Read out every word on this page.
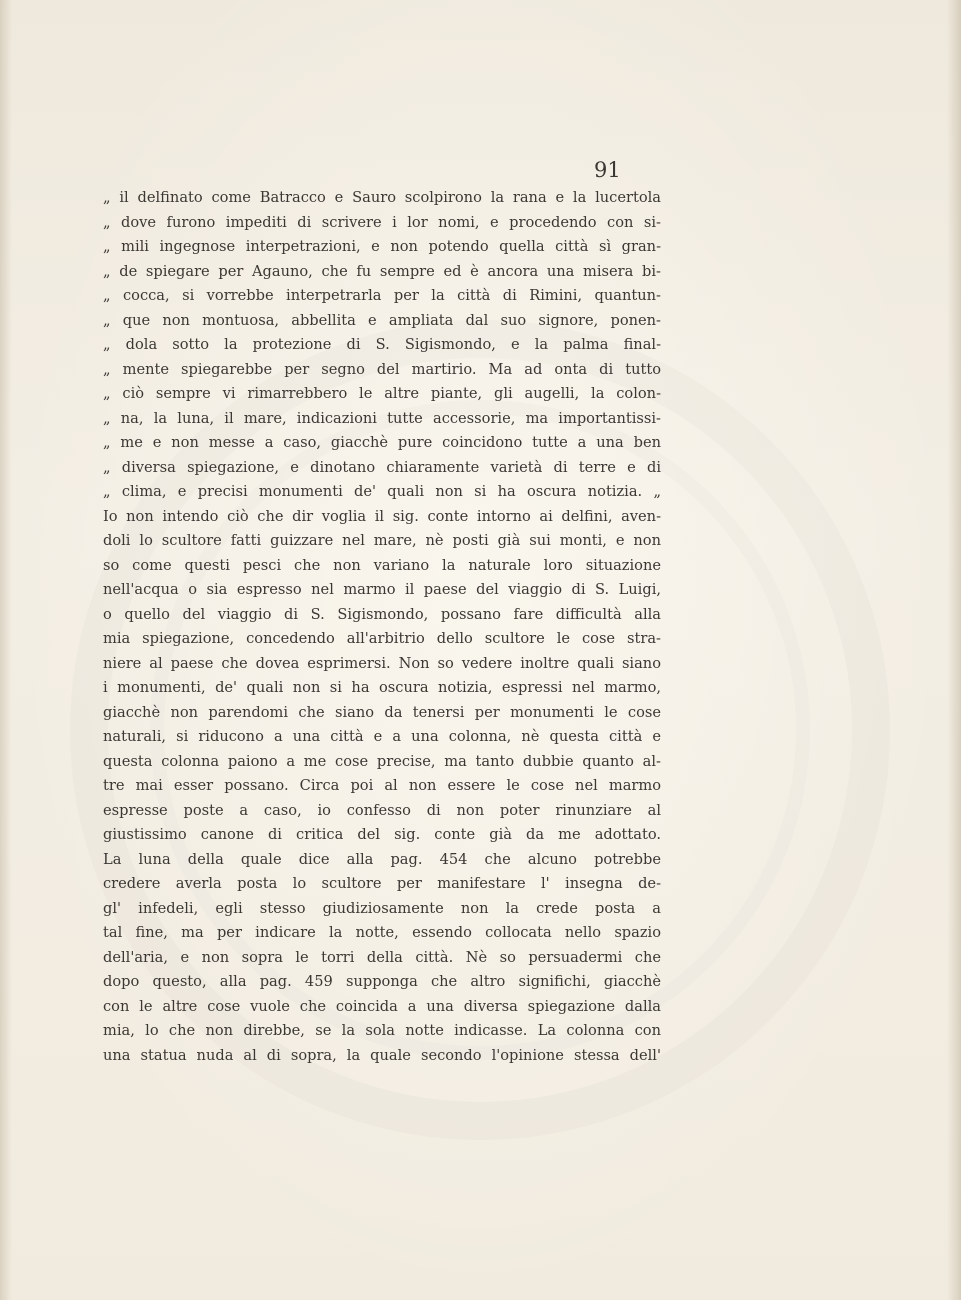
91

„ il delfinato come Batracco e Sauro scolpirono la rana e la lucertola
„ dove furono impediti di scrivere i lor nomi, e procedendo con si-
„ mili ingegnose interpetrazioni, e non potendo quella città sì gran-
„ de spiegare per Agauno, che fu sempre ed è ancora una misera bi-
„ cocca, si vorrebbe interpetrarla per la città di Rimini, quantun-
„ que non montuosa, abbellita e ampliata dal suo signore, ponen-
„ dola sotto la protezione di S. Sigismondo, e la palma final-
„ mente spiegarebbe per segno del martirio. Ma ad onta di tutto
„ ciò sempre vi rimarrebbero le altre piante, gli augelli, la colon-
„ na, la luna, il mare, indicazioni tutte accessorie, ma importantissi-
„ me e non messe a caso, giacchè pure coincidono tutte a una ben
„ diversa spiegazione, e dinotano chiaramente varietà di terre e di
„ clima, e precisi monumenti de' quali non si ha oscura notizia. „
Io non intendo ciò che dir voglia il sig. conte intorno ai delfini, aven-
doli lo scultore fatti guizzare nel mare, nè posti già sui monti, e non
so come questi pesci che non variano la naturale loro situazione
nell'acqua o sia espresso nel marmo il paese del viaggio di S. Luigi,
o quello del viaggio di S. Sigismondo, possano fare difficultà alla
mia spiegazione, concedendo all'arbitrio dello scultore le cose stra-
niere al paese che dovea esprimersi. Non so vedere inoltre quali siano
i monumenti, de' quali non si ha oscura notizia, espressi nel marmo,
giacchè non parendomi che siano da tenersi per monumenti le cose
naturali, si riducono a una città e a una colonna, nè questa città e
questa colonna paiono a me cose precise, ma tanto dubbie quanto al-
tre mai esser possano. Circa poi al non essere le cose nel marmo
espresse poste a caso, io confesso di non poter rinunziare al
giustissimo canone di critica del sig. conte già da me adottato.
La luna della quale dice alla pag. 454 che alcuno potrebbe
credere averla posta lo scultore per manifestare l' insegna de-
gl' infedeli, egli stesso giudiziosamente non la crede posta a
tal fine, ma per indicare la notte, essendo collocata nello spazio
dell'aria, e non sopra le torri della città. Nè so persuadermi che
dopo questo, alla pag. 459 supponga che altro significhi, giacchè
con le altre cose vuole che coincida a una diversa spiegazione dalla
mia, lo che non direbbe, se la sola notte indicasse. La colonna con
una statua nuda al di sopra, la quale secondo l'opinione stessa dell'
